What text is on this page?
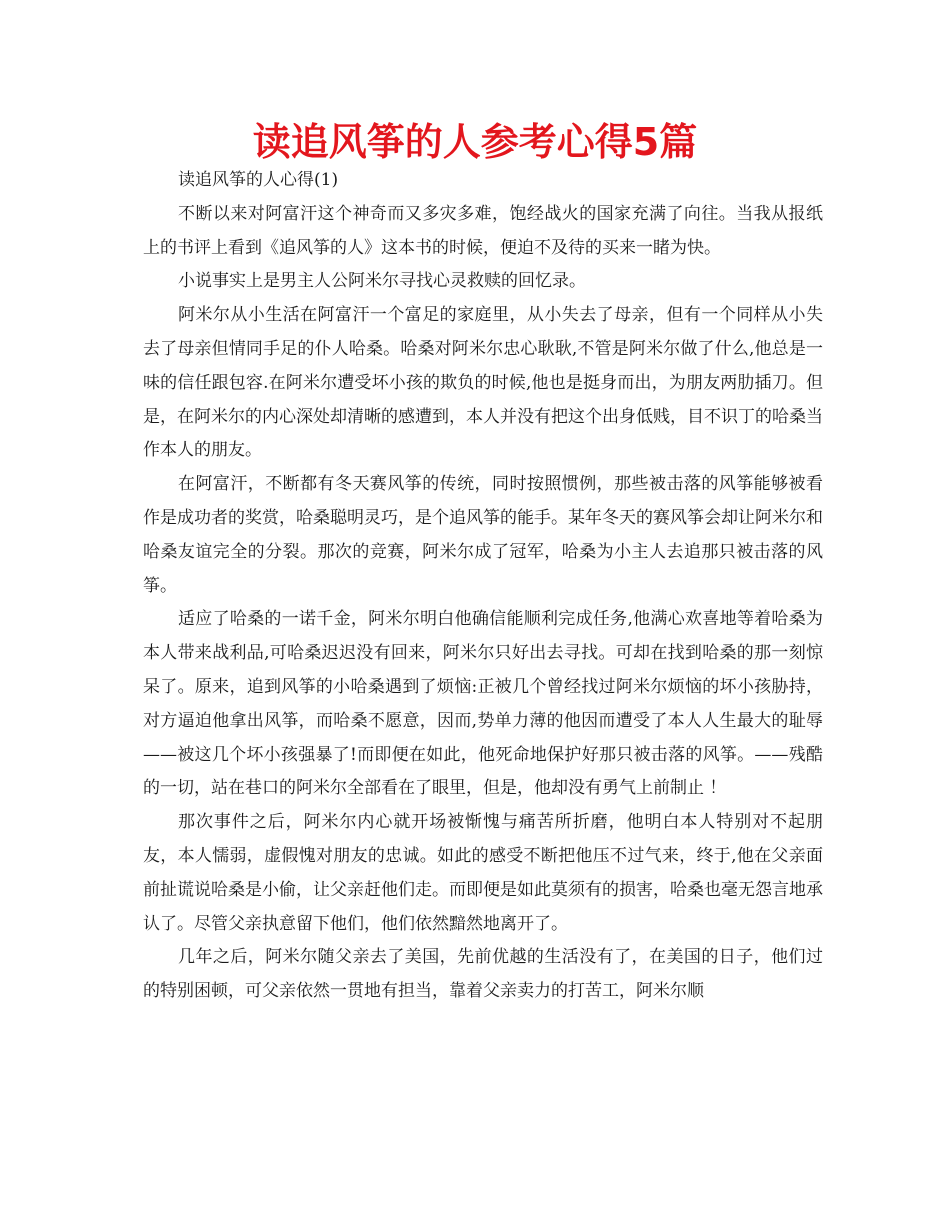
读追风筝的人参考心得5篇

读追风筝的人心得(1)

不断以来对阿富汗这个神奇而又多灾多难，饱经战火的国家充满了向往。当我从报纸上的书评上看到《追风筝的人》这本书的时候，便迫不及待的买来一睹为快。

小说事实上是男主人公阿米尔寻找心灵救赎的回忆录。

阿米尔从小生活在阿富汗一个富足的家庭里，从小失去了母亲，但有一个同样从小失去了母亲但情同手足的仆人哈桑。哈桑对阿米尔忠心耿耿,不管是阿米尔做了什么,他总是一味的信任跟包容.在阿米尔遭受坏小孩的欺负的时候,他也是挺身而出，为朋友两肋插刀。但是，在阿米尔的内心深处却清晰的感遭到，本人并没有把这个出身低贱，目不识丁的哈桑当作本人的朋友。

在阿富汗，不断都有冬天赛风筝的传统，同时按照惯例，那些被击落的风筝能够被看作是成功者的奖赏，哈桑聪明灵巧，是个追风筝的能手。某年冬天的赛风筝会却让阿米尔和哈桑友谊完全的分裂。那次的竞赛，阿米尔成了冠军，哈桑为小主人去追那只被击落的风筝。

适应了哈桑的一诺千金，阿米尔明白他确信能顺利完成任务,他满心欢喜地等着哈桑为本人带来战利品,可哈桑迟迟没有回来，阿米尔只好出去寻找。可却在找到哈桑的那一刻惊呆了。原来，追到风筝的小哈桑遇到了烦恼:正被几个曾经找过阿米尔烦恼的坏小孩胁持，对方逼迫他拿出风筝，而哈桑不愿意，因而,势单力薄的他因而遭受了本人人生最大的耻辱——被这几个坏小孩强暴了!而即便在如此，他死命地保护好那只被击落的风筝。——残酷的一切，站在巷口的阿米尔全部看在了眼里，但是，他却没有勇气上前制止 ！

那次事件之后，阿米尔内心就开场被惭愧与痛苦所折磨，他明白本人特别对不起朋友，本人懦弱，虚假愧对朋友的忠诚。如此的感受不断把他压不过气来，终于,他在父亲面前扯谎说哈桑是小偷，让父亲赶他们走。而即便是如此莫须有的损害，哈桑也毫无怨言地承认了。尽管父亲执意留下他们，他们依然黯然地离开了。

几年之后，阿米尔随父亲去了美国，先前优越的生活没有了，在美国的日子，他们过的特别困顿，可父亲依然一贯地有担当，靠着父亲卖力的打苦工，阿米尔顺
